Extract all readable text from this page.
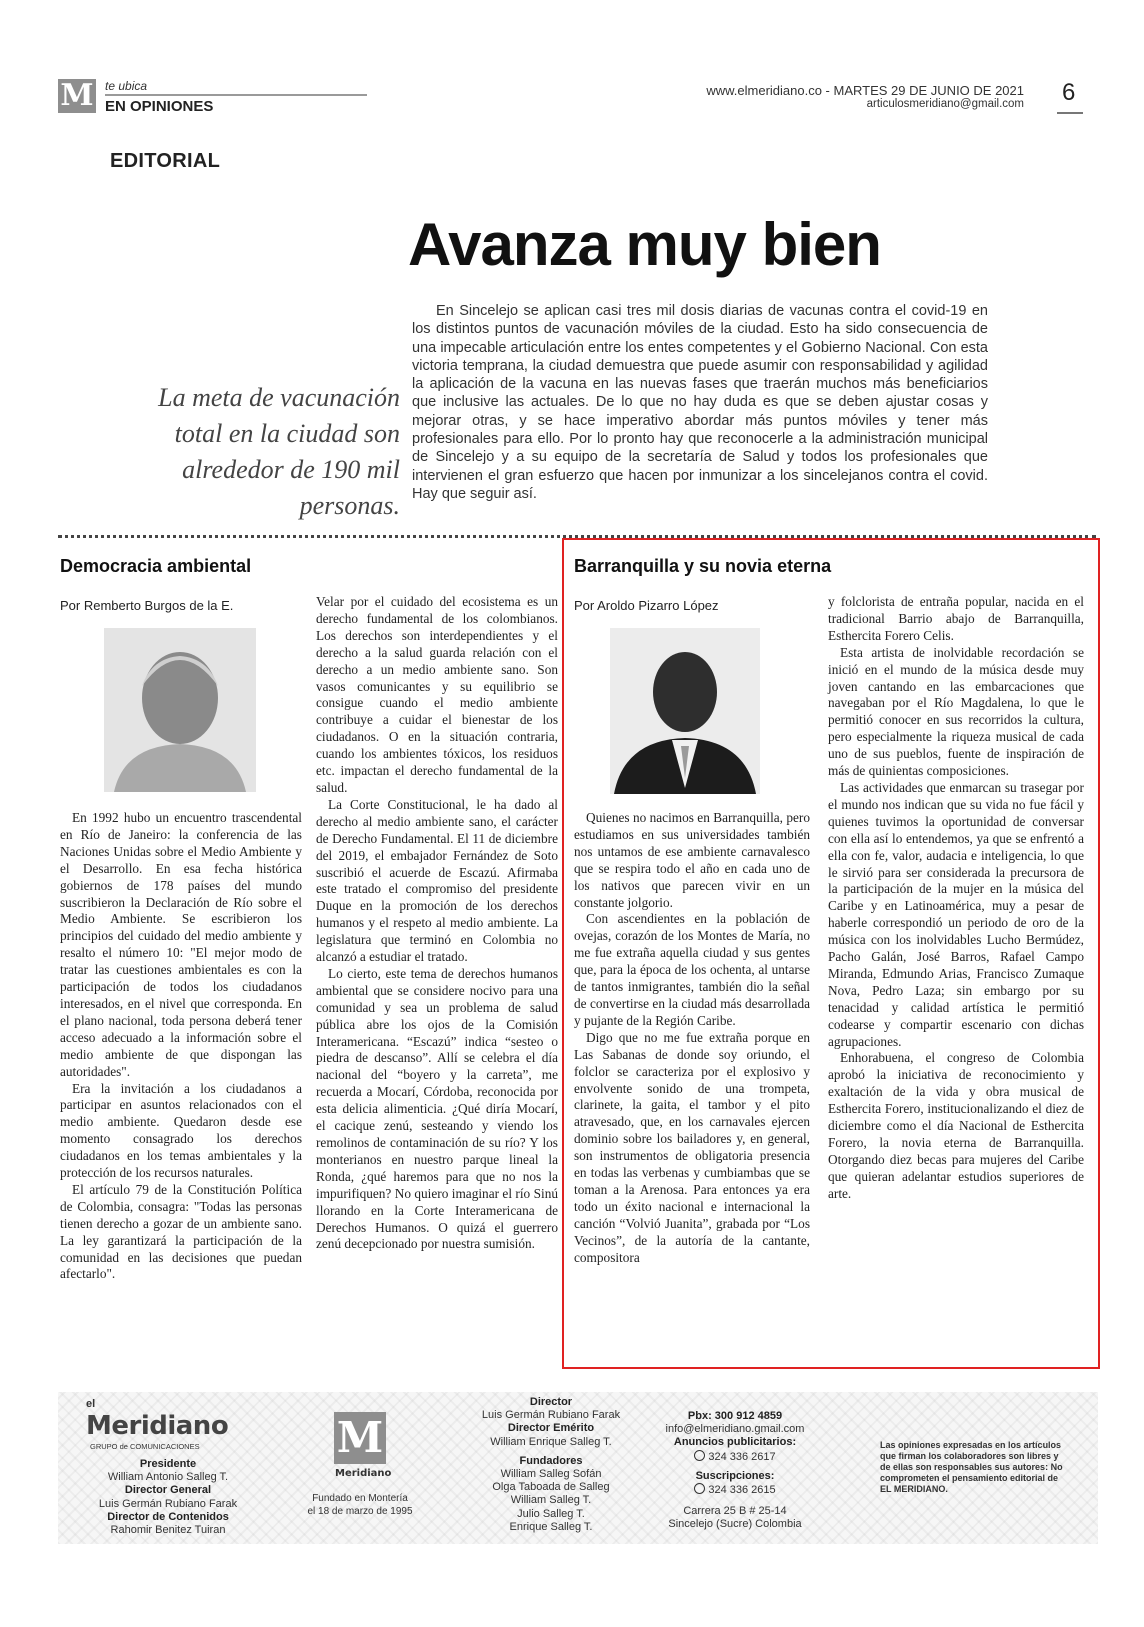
M te ubica
EN OPINIONES
www.elmeridiano.co - MARTES 29 DE JUNIO DE 2021
articulosmeridiano@gmail.com 6
EDITORIAL
Avanza muy bien
La meta de vacunación total en la ciudad son alrededor de 190 mil personas.

En Sincelejo se aplican casi tres mil dosis diarias de vacunas contra el covid-19 en los distintos puntos de vacunación móviles de la ciudad. Esto ha sido consecuencia de una impecable articulación entre los entes competentes y el Gobierno Nacional. Con esta victoria temprana, la ciudad demuestra que puede asumir con responsabilidad y agilidad la aplicación de la vacuna en las nuevas fases que traerán muchos más beneficiarios que inclusive las actuales. De lo que no hay duda es que se deben ajustar cosas y mejorar otras, y se hace imperativo abordar más puntos móviles y tener más profesionales para ello. Por lo pronto hay que reconocerle a la administración municipal de Sincelejo y a su equipo de la secretaría de Salud y todos los profesionales que intervienen el gran esfuerzo que hacen por inmunizar a los sincelejanos contra el covid. Hay que seguir así.

Democracia ambiental
Por Remberto Burgos de la E.

En 1992 hubo un encuentro trascendental en Río de Janeiro: la conferencia de las Naciones Unidas sobre el Medio Ambiente y el Desarrollo. En esa fecha histórica gobiernos de 178 países del mundo suscribieron la Declaración de Río sobre el Medio Ambiente. Se escribieron los principios del cuidado del medio ambiente y resalto el número 10: "El mejor modo de tratar las cuestiones ambientales es con la participación de todos los ciudadanos interesados, en el nivel que corresponda. En el plano nacional, toda persona deberá tener acceso adecuado a la información sobre el medio ambiente de que dispongan las autoridades".

Era la invitación a los ciudadanos a participar en asuntos relacionados con el medio ambiente. Quedaron desde ese momento consagrado los derechos ciudadanos en los temas ambientales y la protección de los recursos naturales.

El artículo 79 de la Constitución Política de Colombia, consagra: "Todas las personas tienen derecho a gozar de un ambiente sano. La ley garantizará la participación de la comunidad en las decisiones que puedan afectarlo".

Velar por el cuidado del ecosistema es un derecho fundamental de los colombianos. Los derechos son interdependientes y el derecho a la salud guarda relación con el derecho a un medio ambiente sano. Son vasos comunicantes y su equilibrio se consigue cuando el medio ambiente contribuye a cuidar el bienestar de los ciudadanos. O en la situación contraria, cuando los ambientes tóxicos, los residuos etc. impactan el derecho fundamental de la salud.

La Corte Constitucional, le ha dado al derecho al medio ambiente sano, el carácter de Derecho Fundamental. El 11 de diciembre del 2019, el embajador Fernández de Soto suscribió el acuerde de Escazú. Afirmaba este tratado el compromiso del presidente Duque en la promoción de los derechos humanos y el respeto al medio ambiente. La legislatura que terminó en Colombia no alcanzó a estudiar el tratado.

Lo cierto, este tema de derechos humanos ambiental que se considere nocivo para una comunidad y sea un problema de salud pública abre los ojos de la Comisión Interamericana. “Escazú” indica “sesteo o piedra de descanso”. Allí se celebra el día nacional del “boyero y la carreta”, me recuerda a Mocarí, Córdoba, reconocida por esta delicia alimenticia. ¿Qué diría Mocarí, el cacique zenú, sesteando y viendo los remolinos de contaminación de su río? Y los monterianos en nuestro parque lineal la Ronda, ¿qué haremos para que no nos la impurifiquen? No quiero imaginar el río Sinú llorando en la Corte Interamericana de Derechos Humanos. O quizá el guerrero zenú decepcionado por nuestra sumisión.

Barranquilla y su novia eterna
Por Aroldo Pizarro López

Quienes no nacimos en Barranquilla, pero estudiamos en sus universidades también nos untamos de ese ambiente carnavalesco que se respira todo el año en cada uno de los nativos que parecen vivir en un constante jolgorio.

Con ascendientes en la población de ovejas, corazón de los Montes de María, no me fue extraña aquella ciudad y sus gentes que, para la época de los ochenta, al untarse de tantos inmigrantes, también dio la señal de convertirse en la ciudad más desarrollada y pujante de la Región Caribe.

Digo que no me fue extraña porque en Las Sabanas de donde soy oriundo, el folclor se caracteriza por el explosivo y envolvente sonido de una trompeta, clarinete, la gaita, el tambor y el pito atravesado, que, en los carnavales ejercen dominio sobre los bailadores y, en general, son instrumentos de obligatoria presencia en todas las verbenas y cumbiambas que se toman a la Arenosa. Para entonces ya era todo un éxito nacional e internacional la canción “Volvió Juanita”, grabada por “Los Vecinos”, de la autoría de la cantante, compositora

y folclorista de entraña popular, nacida en el tradicional Barrio abajo de Barranquilla, Esthercita Forero Celis.

Esta artista de inolvidable recordación se inició en el mundo de la música desde muy joven cantando en las embarcaciones que navegaban por el Río Magdalena, lo que le permitió conocer en sus recorridos la cultura, pero especialmente la riqueza musical de cada uno de sus pueblos, fuente de inspiración de más de quinientas composiciones.

Las actividades que enmarcan su trasegar por el mundo nos indican que su vida no fue fácil y quienes tuvimos la oportunidad de conversar con ella así lo entendemos, ya que se enfrentó a ella con fe, valor, audacia e inteligencia, lo que le sirvió para ser considerada la precursora de la participación de la mujer en la música del Caribe y en Latinoamérica, muy a pesar de haberle correspondió un periodo de oro de la música con los inolvidables Lucho Bermúdez, Pacho Galán, José Barros, Rafael Campo Miranda, Edmundo Arias, Francisco Zumaque Nova, Pedro Laza; sin embargo por su tenacidad y calidad artística le permitió codearse y compartir escenario con dichas agrupaciones.

Enhorabuena, el congreso de Colombia aprobó la iniciativa de reconocimiento y exaltación de la vida y obra musical de Esthercita Forero, institucionalizando el diez de diciembre como el día Nacional de Esthercita Forero, la novia eterna de Barranquilla. Otorgando diez becas para mujeres del Caribe que quieran adelantar estudios superiores de arte.

el
Meridiano
GRUPO de COMUNICACIONES
Presidente
William Antonio Salleg T.
Director General
Luis Germán Rubiano Farak
Director de Contenidos
Rahomir Benitez Tuiran
M
Meridiano
Fundado en Montería
el 18 de marzo de 1995
Director
Luis Germán Rubiano Farak
Director Emérito
William Enrique Salleg T.

Fundadores
William Salleg Sofán
Olga Taboada de Salleg
William Salleg T.
Julio Salleg T.
Enrique Salleg T.
Pbx: 300 912 4859
info@elmeridiano.gmail.com
Anuncios publicitarios:
324 336 2617

Suscripciones:
324 336 2615

Carrera 25 B # 25-14
Sincelejo (Sucre) Colombia
Las opiniones expresadas en los artículos que firman los colaboradores son libres y de ellas son responsables sus autores: No comprometen el pensamiento editorial de EL MERIDIANO.
